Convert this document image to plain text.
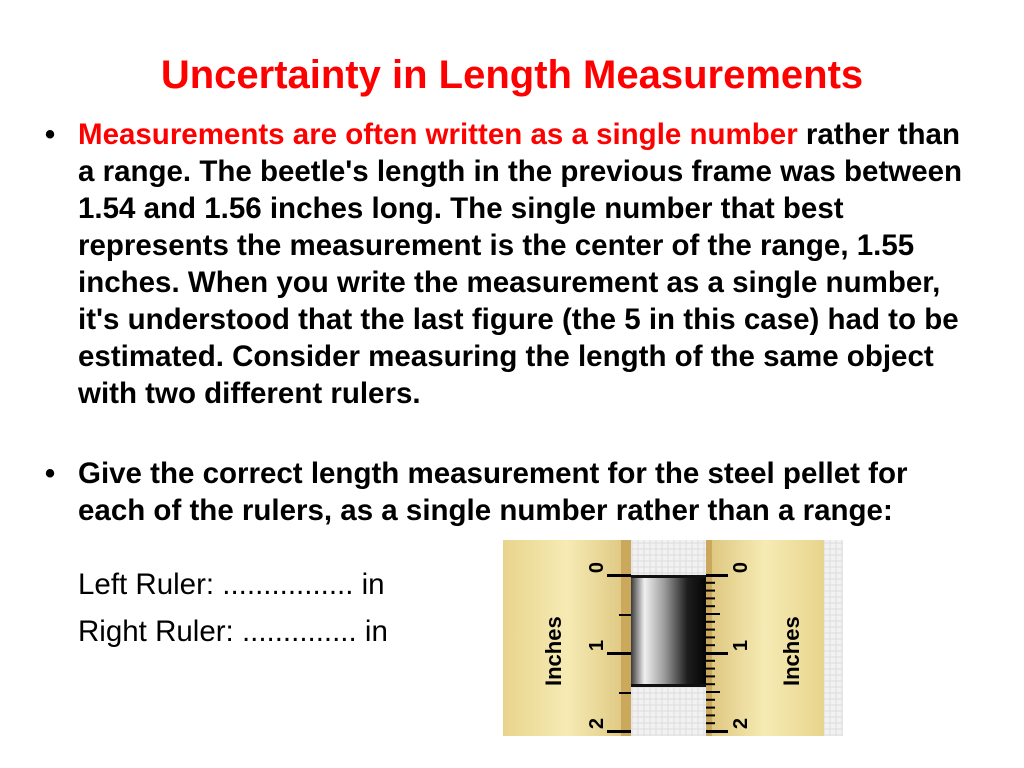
Uncertainty in Length Measurements
• Measurements are often written as a single number rather than a range. The beetle's length in the previous frame was between 1.54 and 1.56 inches long. The single number that best represents the measurement is the center of the range, 1.55 inches. When you write the measurement as a single number, it's understood that the last figure (the 5 in this case) had to be estimated. Consider measuring the length of the same object with two different rulers.
• Give the correct length measurement for the steel pellet for each of the rulers, as a single number rather than a range:
Left Ruler: ................ in
Right Ruler: .............. in
0
1
2
Inches
0
1
2
Inches
